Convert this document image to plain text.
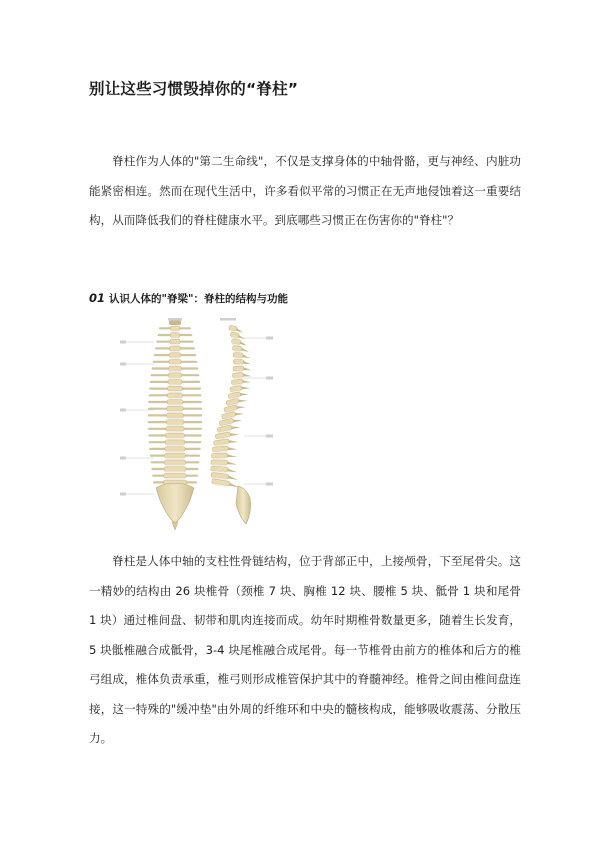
别让这些习惯毁掉你的“脊柱”

脊柱作为人体的"第二生命线"，不仅是支撑身体的中轴骨骼，更与神经、内脏功能紧密相连。然而在现代生活中，许多看似平常的习惯正在无声地侵蚀着这一重要结构，从而降低我们的脊柱健康水平。到底哪些习惯正在伤害你的"脊柱"？

01 认识人体的"脊梁"：脊柱的结构与功能

脊柱是人体中轴的支柱性骨链结构，位于背部正中，上接颅骨，下至尾骨尖。这一精妙的结构由 26 块椎骨（颈椎 7 块、胸椎 12 块、腰椎 5 块、骶骨 1 块和尾骨 1 块）通过椎间盘、韧带和肌肉连接而成。幼年时期椎骨数量更多，随着生长发育，5 块骶椎融合成骶骨，3-4 块尾椎融合成尾骨。每一节椎骨由前方的椎体和后方的椎弓组成，椎体负责承重，椎弓则形成椎管保护其中的脊髓神经。椎骨之间由椎间盘连接，这一特殊的"缓冲垫"由外周的纤维环和中央的髓核构成，能够吸收震荡、分散压力。
